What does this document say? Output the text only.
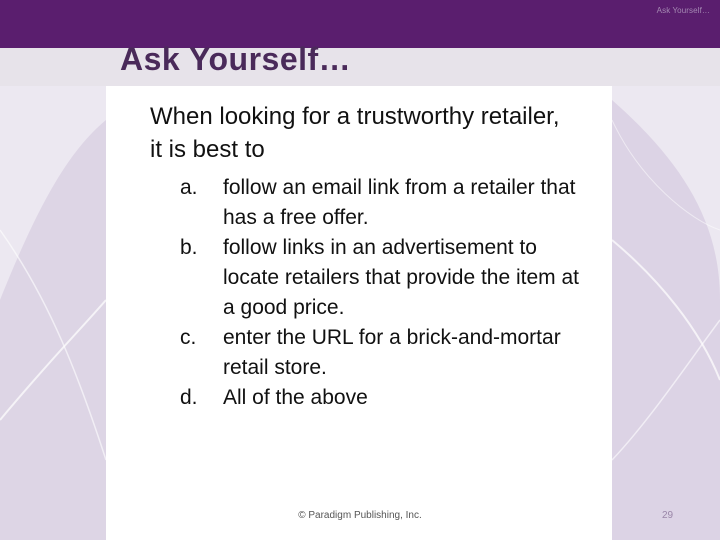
Ask Yourself…
Ask Yourself…
When looking for a trustworthy retailer, it is best to
a. follow an email link from a retailer that has a free offer.
b. follow links in an advertisement to locate retailers that provide the item at a good price.
c. enter the URL for a brick-and-mortar retail store.
d. All of the above
© Paradigm Publishing, Inc.	29
